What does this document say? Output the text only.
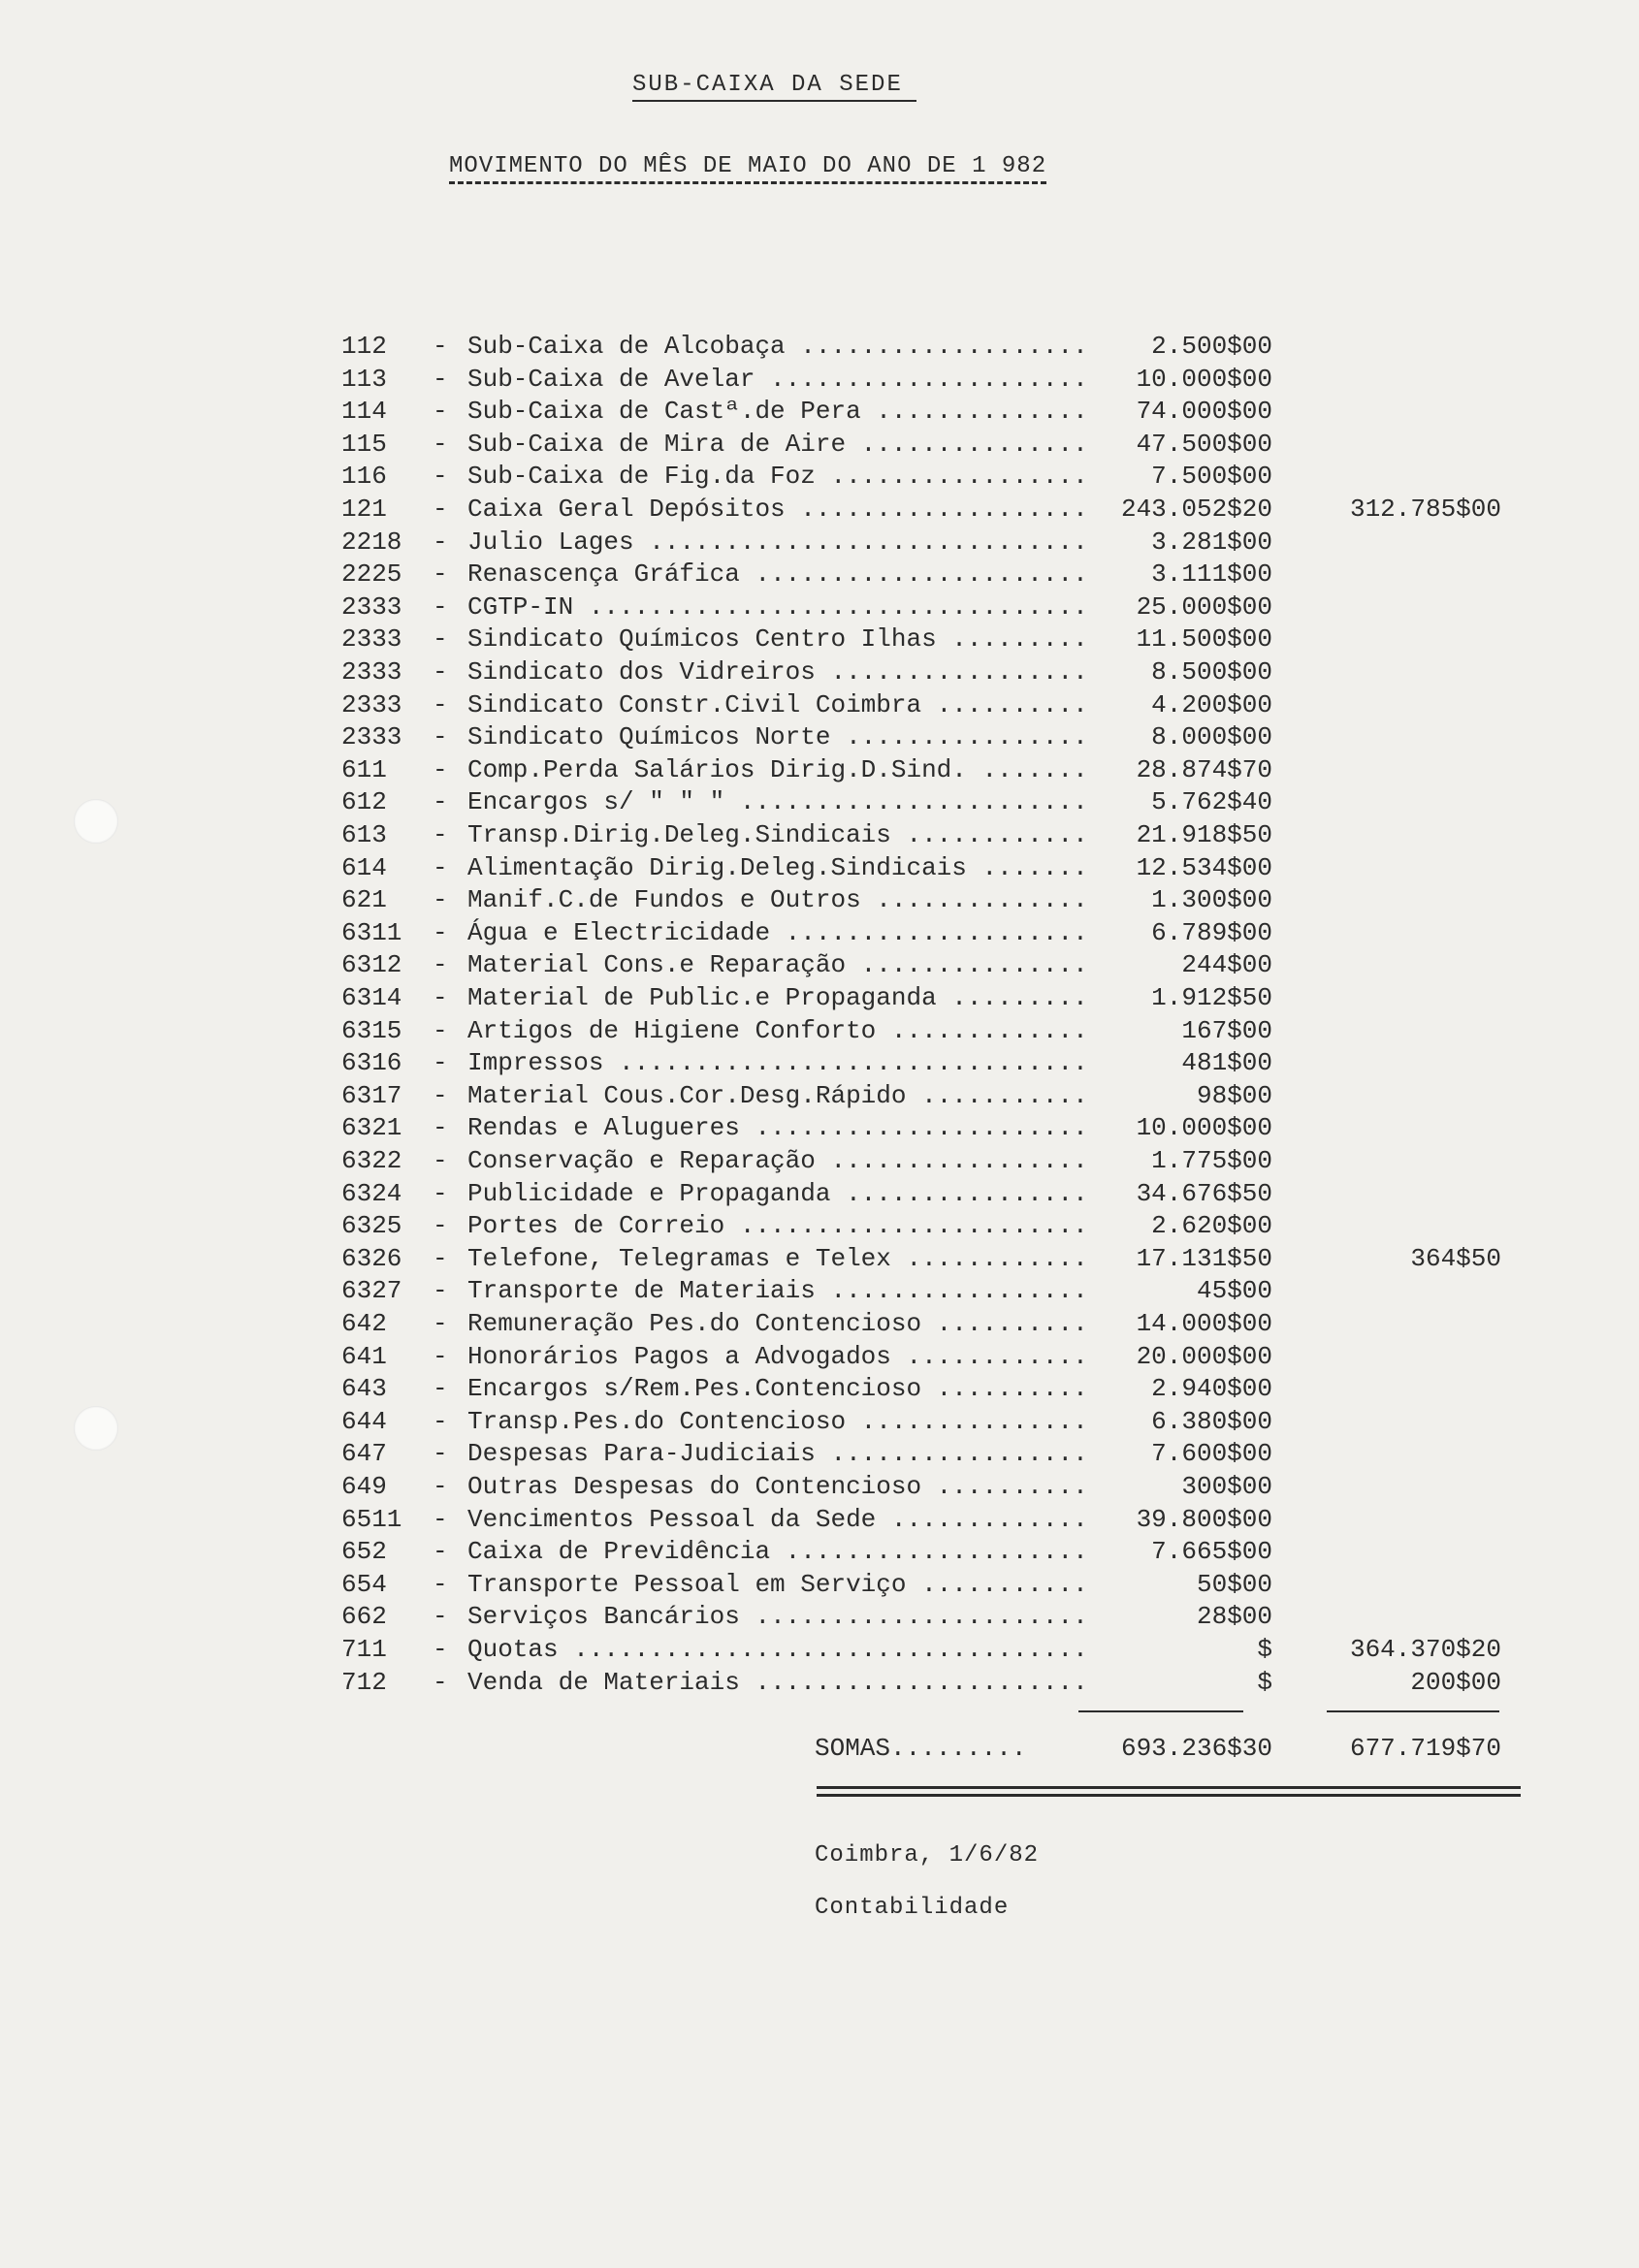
SUB-CAIXA DA SEDE
MOVIMENTO DO MÊS DE MAIO DO ANO DE 1 982
112	- Sub-Caixa de Alcobaça .....	2.500$00
113	- Sub-Caixa de Avelar .....	10.000$00
114	- Sub-Caixa de Castª.de Pera .....	74.000$00
115	- Sub-Caixa de Mira de Aire .....	47.500$00
116	- Sub-Caixa de Fig.da Foz .....	7.500$00
121	- Caixa Geral Depósitos .....	243.052$20	312.785$00
2218	- Julio Lages .....	3.281$00
2225	- Renascença Gráfica .....	3.111$00
2333	- CGTP-IN .....	25.000$00
2333	- Sindicato Químicos Centro Ilhas .....	11.500$00
2333	- Sindicato dos Vidreiros .....	8.500$00
2333	- Sindicato Constr.Civil Coimbra .....	4.200$00
2333	- Sindicato Químicos Norte .....	8.000$00
611	- Comp.Perda Salários Dirig.D.Sind. .....	28.874$70
612	- Encargos s/ " " " .....	5.762$40
613	- Transp.Dirig.Deleg.Sindicais .....	21.918$50
614	- Alimentação Dirig.Deleg.Sindicais .....	12.534$00
621	- Manif.C.de Fundos e Outros .....	1.300$00
6311	- Água e Electricidade .....	6.789$00
6312	- Material Cons.e Reparação .....	244$00
6314	- Material de Public.e Propaganda .....	1.912$50
6315	- Artigos de Higiene Conforto .....	167$00
6316	- Impressos .....	481$00
6317	- Material Cous.Cor.Desg.Rápido .....	98$00
6321	- Rendas e Alugueres .....	10.000$00
6322	- Conservação e Reparação .....	1.775$00
6324	- Publicidade e Propaganda .....	34.676$50
6325	- Portes de Correio .....	2.620$00
6326	- Telefone, Telegramas e Telex .....	17.131$50	364$50
6327	- Transporte de Materiais .....	45$00
642	- Remuneração Pes.do Contencioso .....	14.000$00
641	- Honorários Pagos a Advogados .....	20.000$00
643	- Encargos s/Rem.Pes.Contencioso .....	2.940$00
644	- Transp.Pes.do Contencioso .....	6.380$00
647	- Despesas Para-Judiciais .....	7.600$00
649	- Outras Despesas do Contencioso .....	300$00
6511	- Vencimentos Pessoal da Sede .....	39.800$00
652	- Caixa de Previdência .....	7.665$00
654	- Transporte Pessoal em Serviço .....	50$00
662	- Serviços Bancários .....	28$00
711	- Quotas .....	$	364.370$20
712	- Venda de Materiais .....	$	200$00
SOMAS.........	693.236$30	677.719$70
Coimbra, 1/6/82
Contabilidade
